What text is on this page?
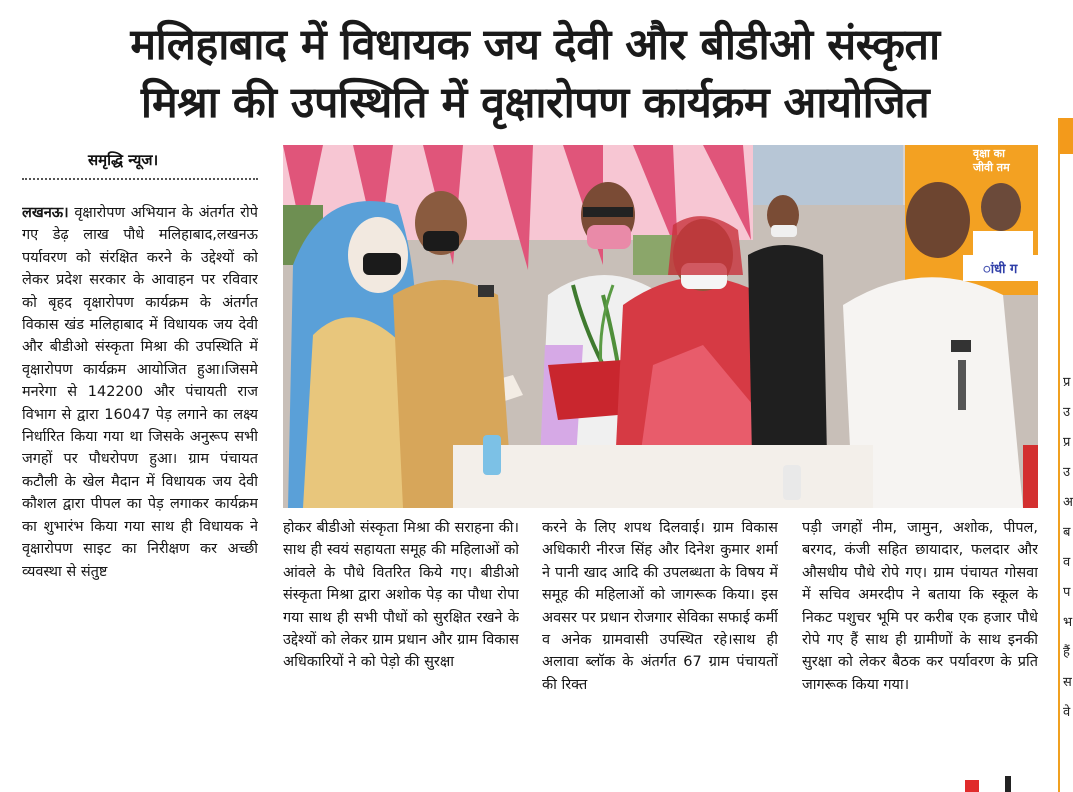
मलिहाबाद में विधायक जय देवी और बीडीओ संस्कृता
मिश्रा की उपस्थिति में वृक्षारोपण कार्यक्रम आयोजित
समृद्धि न्यूज।
लखनऊ। वृक्षारोपण अभियान के अंतर्गत रोपे गए डेढ़ लाख पौधे मलिहाबाद,लखनऊ पर्यावरण को संरक्षित करने के उद्देश्यों को लेकर प्रदेश सरकार के आवाहन पर रविवार को बृहद वृक्षारोपण कार्यक्रम के अंतर्गत विकास खंड मलिहाबाद में विधायक जय देवी और बीडीओ संस्कृता मिश्रा की उपस्थिति में वृक्षारोपण कार्यक्रम आयोजित हुआ।जिसमे मनरेगा से 142200 और पंचायती राज विभाग से द्वारा 16047 पेड़ लगाने का लक्ष्य निर्धारित किया गया था जिसके अनुरूप सभी जगहों पर पौधरोपण हुआ। ग्राम पंचायत कटौली के खेल मैदान में विधायक जय देवी कौशल द्वारा पीपल का पेड़ लगाकर कार्यक्रम का शुभारंभ किया गया साथ ही विधायक ने वृक्षारोपण साइट का निरीक्षण कर अच्छी व्यवस्था से संतुष्ट
वृक्षा का
जीवी तम
ांधी ग
होकर बीडीओ संस्कृता मिश्रा की सराहना की।साथ ही स्वयं सहायता समूह की महिलाओं को आंवले के पौधे वितरित किये गए। बीडीओ संस्कृता मिश्रा द्वारा अशोक पेड़ का पौधा रोपा गया साथ ही सभी पौधों को सुरक्षित रखने के उद्देश्यों को लेकर ग्राम प्रधान और ग्राम विकास अधिकारियों ने को पेड़ो की सुरक्षा
करने के लिए शपथ दिलवाई। ग्राम विकास अधिकारी नीरज सिंह और दिनेश कुमार शर्मा ने पानी खाद आदि की उपलब्धता के विषय में समूह की महिलाओं को जागरूक किया। इस अवसर पर प्रधान रोजगार सेविका सफाई कर्मी व अनेक ग्रामवासी उपस्थित रहे।साथ ही अलावा ब्लॉक के अंतर्गत 67 ग्राम पंचायतों की रिक्त
पड़ी जगहों नीम, जामुन, अशोक, पीपल, बरगद, कंजी सहित छायादार, फलदार और औसधीय पौधे रोपे गए। ग्राम पंचायत गोसवा में सचिव अमरदीप ने बताया कि स्कूल के निकट पशुचर भूमि पर करीब एक हजार पौधे रोपे गए हैं साथ ही ग्रामीणों के साथ इनकी सुरक्षा को लेकर बैठक कर पर्यावरण के प्रति जागरूक किया गया।
प्र
उ
प्र
उ
अ
ब
व
प
भ
हैं
स
वे
